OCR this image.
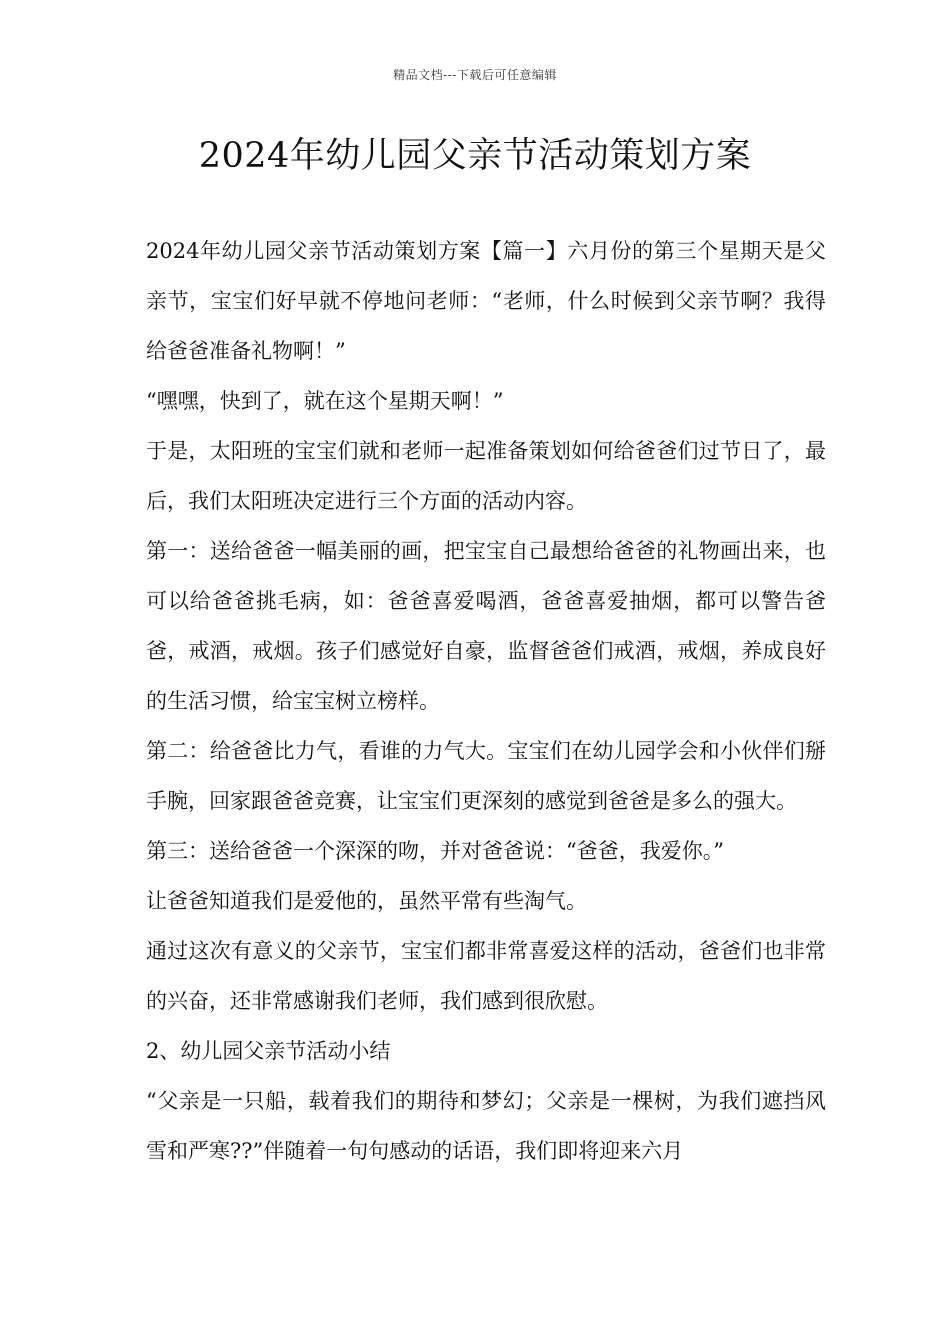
精品文档---下载后可任意编辑
2024年幼儿园父亲节活动策划方案

2024年幼儿园父亲节活动策划方案【篇一】六月份的第三个星期天是父亲节，宝宝们好早就不停地问老师：“老师，什么时候到父亲节啊？我得给爸爸准备礼物啊！”

“嘿嘿，快到了，就在这个星期天啊！”

于是，太阳班的宝宝们就和老师一起准备策划如何给爸爸们过节日了，最后，我们太阳班决定进行三个方面的活动内容。

第一：送给爸爸一幅美丽的画，把宝宝自己最想给爸爸的礼物画出来，也可以给爸爸挑毛病，如：爸爸喜爱喝酒，爸爸喜爱抽烟，都可以警告爸爸，戒酒，戒烟。孩子们感觉好自豪，监督爸爸们戒酒，戒烟，养成良好的生活习惯，给宝宝树立榜样。

第二：给爸爸比力气，看谁的力气大。宝宝们在幼儿园学会和小伙伴们掰手腕，回家跟爸爸竞赛，让宝宝们更深刻的感觉到爸爸是多么的强大。

第三：送给爸爸一个深深的吻，并对爸爸说：“爸爸，我爱你。”

让爸爸知道我们是爱他的，虽然平常有些淘气。

通过这次有意义的父亲节，宝宝们都非常喜爱这样的活动，爸爸们也非常的兴奋，还非常感谢我们老师，我们感到很欣慰。

2、幼儿园父亲节活动小结

“父亲是一只船，载着我们的期待和梦幻；父亲是一棵树，为我们遮挡风雪和严寒??”伴随着一句句感动的话语，我们即将迎来六月
